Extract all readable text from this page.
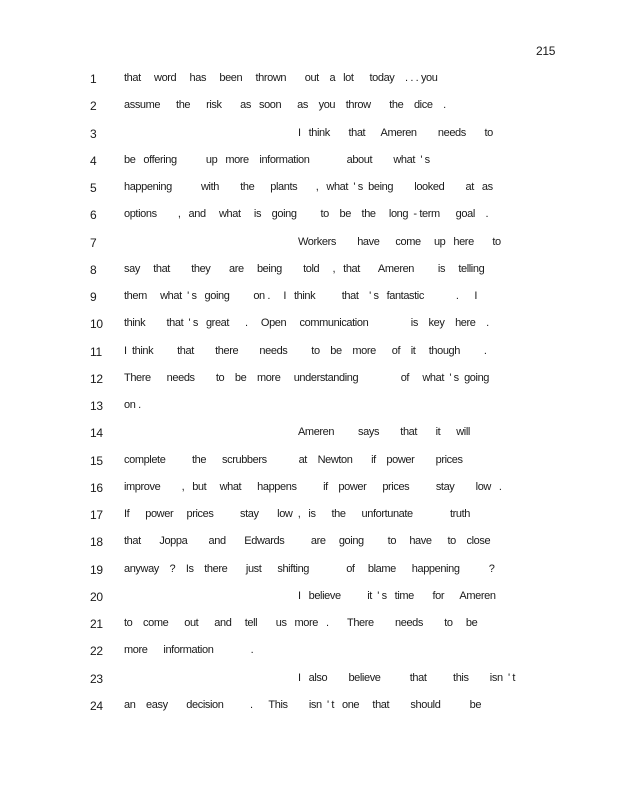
215
1	that     word     has     been     thrown       out    a   lot      today    . . . you
2	assume      the      risk       as   soon      as    you    throw       the    dice    .
3	I   think       that      Ameren        needs       to
4	be   offering           up   more    information              about        what  ' s
5	happening           with        the      plants       ,   what  ' s  being        looked        at   as
6	options        ,   and     what     is    going         to    be    the     long  - term      goal    .
7	Workers        have      come     up   here       to
8	say     that        they       are     being        told     ,   that       Ameren         is     telling
9	them     what  ' s   going         on .     I   think          that    ' s   fantastic            .      I
10	think        that  ' s   great      .     Open     communication                is    key    here    .
11	I  think         that        there        needs         to    be    more      of    it     though         .
12	There      needs        to    be    more     understanding                of     what  ' s  going
13	on .
14	Ameren         says        that       it      will
15	complete          the      scrubbers            at    Newton       if    power        prices
16	improve        ,   but     what      happens          if    power      prices          stay        low   .
17	If      power     prices          stay       low  ,   is      the      unfortunate              truth
18	that       Joppa        and       Edwards          are     going         to     have      to    close
19	anyway    ?    Is    there       just      shifting              of     blame      happening           ?
20	I   believe          it  ' s   time       for      Ameren
21	to    come      out      and     tell       us   more   .       There        needs        to     be
22	more      information              .
23	I   also        believe           that          this        isn  ' t
24	an    easy       decision          .      This        isn  ' t   one     that        should           be
